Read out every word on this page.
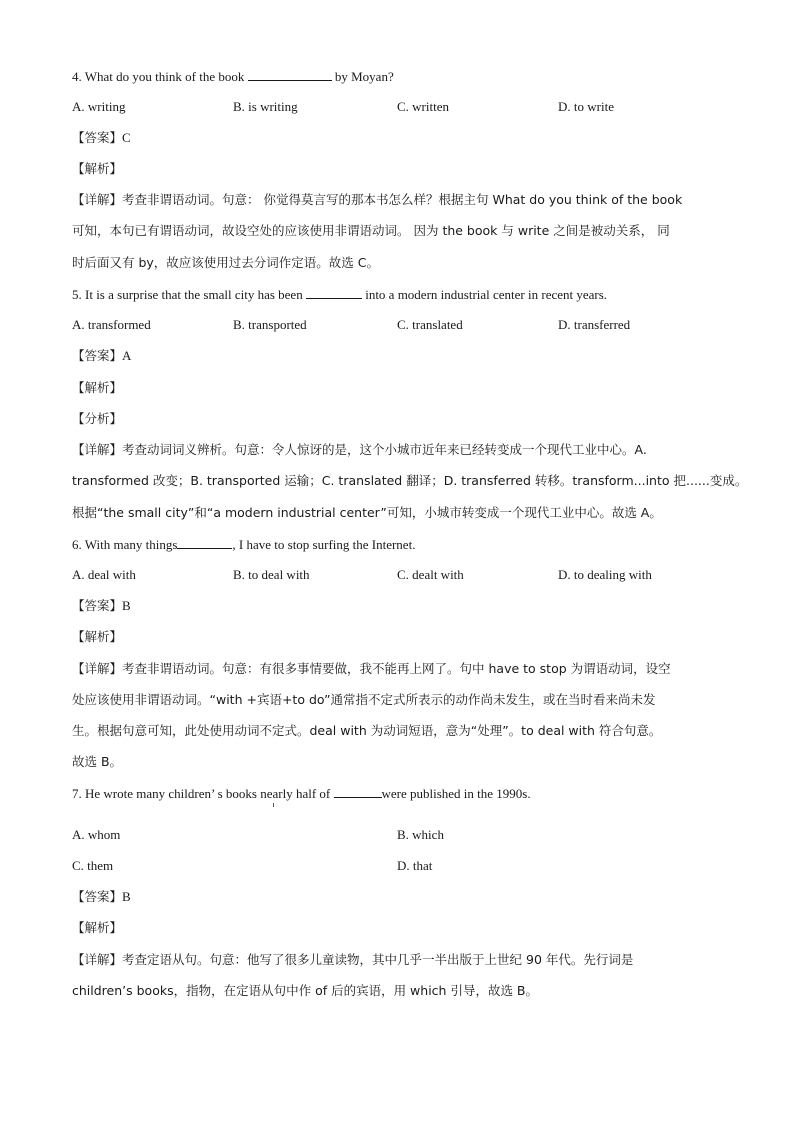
4. What do you think of the book	by Moyan?
A. writing	B. is writing	C. written	D. to write
【答案】C
【解析】
【详解】考查非谓语动词。句意： 你觉得莫言写的那本书怎么样？根据主句 What do you think of the book
可知，本句已有谓语动词，故设空处的应该使用非谓语动词。 因为 the book 与 write 之间是被动关系， 同
时后面又有 by，故应该使用过去分词作定语。故选 C。
5. It is a surprise that the small city has been	into a modern industrial center in recent years.
A. transformed	B. transported	C. translated	D. transferred
【答案】A
【解析】
【分析】
【详解】考查动词词义辨析。句意：令人惊讶的是，这个小城市近年来已经转变成一个现代工业中心。A.
transformed 改变；B. transported 运输；C. translated 翻译；D. transferred 转移。transform...into 把......变成。
根据“the small city”和“a modern industrial center”可知，小城市转变成一个现代工业中心。故选 A。
6. With many things	, I have to stop surfing the Internet.
A. deal with	B. to deal with	C. dealt with	D. to dealing with
【答案】B
【解析】
【详解】考查非谓语动词。句意：有很多事情要做，我不能再上网了。句中 have to stop 为谓语动词，设空
处应该使用非谓语动词。“with +宾语+to do”通常指不定式所表示的动作尚未发生，或在当时看来尚未发
生。根据句意可知，此处使用动词不定式。deal with 为动词短语，意为“处理”。to deal with 符合句意。
故选 B。
7. He wrote many children’ s books nearly half of	were published in the 1990s.
A. whom	B. which
C. them	D. that
【答案】B
【解析】
【详解】考查定语从句。句意：他写了很多儿童读物，其中几乎一半出版于上世纪 90 年代。先行词是
children’s books，指物，在定语从句中作 of 后的宾语，用 which 引导，故选 B。
